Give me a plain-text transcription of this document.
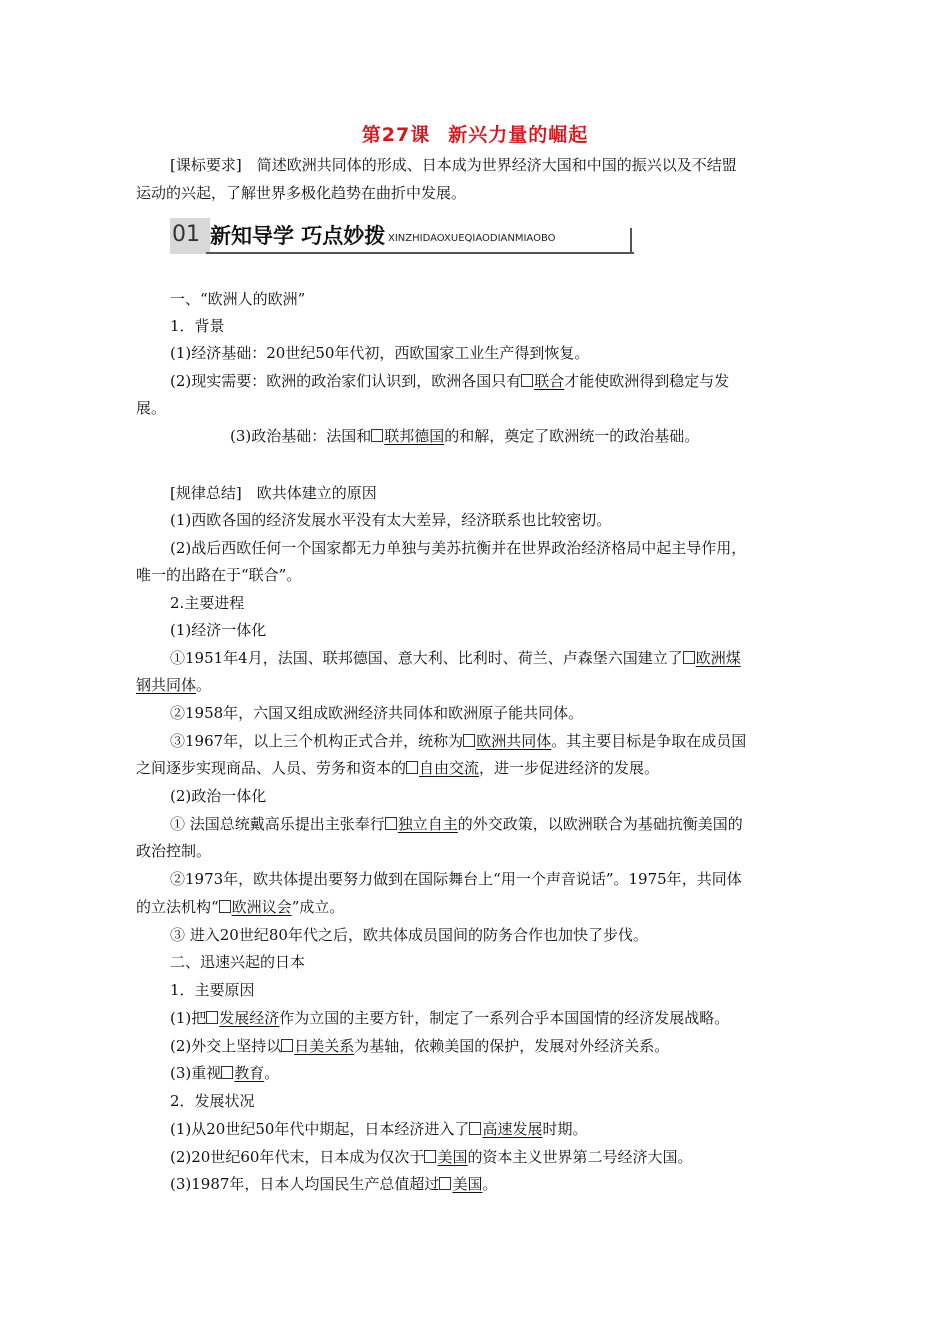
第27课 新兴力量的崛起
[课标要求]　简述欧洲共同体的形成、日本成为世界经济大国和中国的振兴以及不结盟
运动的兴起，了解世界多极化趋势在曲折中发展。
01 新知导学 巧点妙拨 XINZHIDAOXUEQIAODIANMIAOBO
一、“欧洲人的欧洲”
1．背景
(1)经济基础：20世纪50年代初，西欧国家工业生产得到恢复。
(2)现实需要：欧洲的政治家们认识到，欧洲各国只有 联合才能使欧洲得到稳定与发
展。
(3)政治基础：法国和 联邦德国的和解，奠定了欧洲统一的政治基础。
[规律总结]　欧共体建立的原因
(1)西欧各国的经济发展水平没有太大差异，经济联系也比较密切。
(2)战后西欧任何一个国家都无力单独与美苏抗衡并在世界政治经济格局中起主导作用，
唯一的出路在于“联合”。
2.主要进程
(1)经济一体化
①1951年4月，法国、联邦德国、意大利、比利时、荷兰、卢森堡六国建立了 欧洲煤
钢共同体。
②1958年，六国又组成欧洲经济共同体和欧洲原子能共同体。
③1967年，以上三个机构正式合并，统称为 欧洲共同体。其主要目标是争取在成员国
之间逐步实现商品、人员、劳务和资本的 自由交流，进一步促进经济的发展。
(2)政治一体化
① 法国总统戴高乐提出主张奉行 独立自主的外交政策，以欧洲联合为基础抗衡美国的
政治控制。
②1973年，欧共体提出要努力做到在国际舞台上“用一个声音说话”。1975年，共同体
的立法机构“ 欧洲议会”成立。
③ 进入20世纪80年代之后，欧共体成员国间的防务合作也加快了步伐。
二、迅速兴起的日本
1．主要原因
(1)把 发展经济作为立国的主要方针，制定了一系列合乎本国国情的经济发展战略。
(2)外交上坚持以 日美关系为基轴，依赖美国的保护，发展对外经济关系。
(3)重视 教育。
2．发展状况
(1)从20世纪50年代中期起，日本经济进入了 高速发展时期。
(2)20世纪60年代末，日本成为仅次于 美国的资本主义世界第二号经济大国。
(3)1987年，日本人均国民生产总值超过 美国。
